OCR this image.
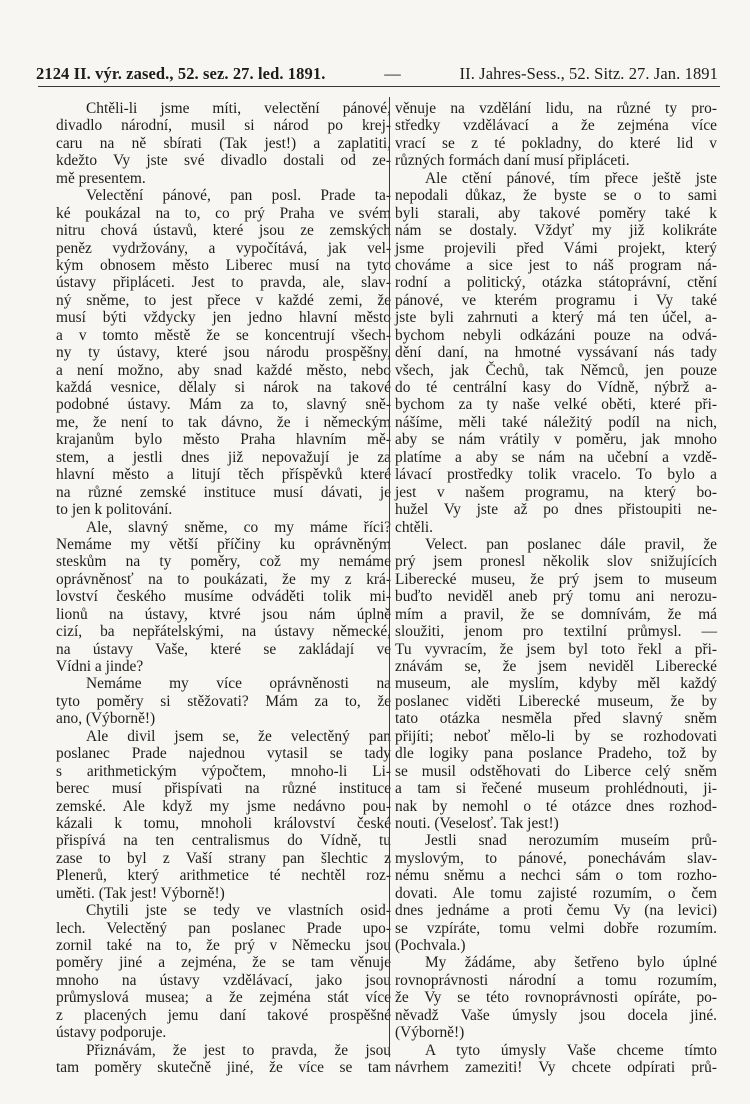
2124 II. výr. zased., 52. sez. 27. led. 1891.	—	II. Jahres-Sess., 52. Sitz. 27. Jan. 1891
Chtěli-li jsme míti, velectění pánové,
divadlo národní, musil si národ po krej-
caru na ně sbírati (Tak jest!) a zaplatiti,
kdežto Vy jste své divadlo dostali od ze-
mě presentem.
Velectění pánové, pan posl. Prade ta-
ké poukázal na to, co prý Praha ve svém
nitru chová ústavů, které jsou ze zemských
peněz vydržovány, a vypočítává, jak vel-
kým obnosem město Liberec musí na tyto
ústavy připláceti. Jest to pravda, ale, slav-
ný sněme, to jest přece v každé zemi, že
musí býti vždycky jen jedno hlavní město
a v tomto městě že se koncentrují všech-
ny ty ústavy, které jsou národu prospěšny,
a není možno, aby snad každé město, nebo
každá vesnice, dělaly si nárok na takové
podobné ústavy. Mám za to, slavný sně-
me, že není to tak dávno, že i německým
krajanům bylo město Praha hlavním mě-
stem, a jestli dnes již nepovažují je za
hlavní město a litují těch příspěvků které
na různé zemské instituce musí dávati, je
to jen k politování.
Ale, slavný sněme, co my máme říci?
Nemáme my větší příčiny ku oprávněným
steskům na ty poměry, což my nemáme
oprávněnosť na to poukázati, že my z krá-
lovství českého musíme odváděti tolik mi-
lionů na ústavy, ktvré jsou nám úplně
cizí, ba nepřátelskými, na ústavy německé,
na ústavy Vaše, které se zakládají ve
Vídni a jinde?
Nemáme my více oprávněnosti na
tyto poměry si stěžovati? Mám za to, že
ano, (Výborně!)
Ale divil jsem se, že velectěný pan
poslanec Prade najednou vytasil se tady
s arithmetickým výpočtem, mnoho-li Li-
berec musí přispívati na různé instituce
zemské. Ale když my jsme nedávno pou-
kázali k tomu, mnoholi království české
přispívá na ten centralismus do Vídně, tu
zase to byl z Vaší strany pan šlechtic z
Plenerů, který arithmetice té nechtěl roz-
uměti. (Tak jest! Výborně!)
Chytili jste se tedy ve vlastních osid-
lech. Velectěný pan poslanec Prade upo-
zornil také na to, že prý v Německu jsou
poměry jiné a zejména, že se tam věnuje
mnoho na ústavy vzdělávací, jako jsou
průmyslová musea; a že zejména stát více
z placených jemu daní takové prospěšné
ústavy podporuje.
Přiznávám, že jest to pravda, že jsou
tam poměry skutečně jiné, že více se tam
věnuje na vzdělání lidu, na různé ty pro-
středky vzdělávací a že zejména více
vrací se z té pokladny, do které lid v
různých formách daní musí připláceti.
Ale ctění pánové, tím přece ještě jste
nepodali důkaz, že byste se o to sami
byli starali, aby takové poměry také k
nám se dostaly. Vždyť my již kolikráte
jsme projevili před Vámi projekt, který
chováme a sice jest to náš program ná-
rodní a politický, otázka státoprávní, ctění
pánové, ve kterém programu i Vy také
jste byli zahrnuti a který má ten účel, a-
bychom nebyli odkázáni pouze na odvá-
dění daní, na hmotné vyssávaní nás tady
všech, jak Čechů, tak Němců, jen pouze
do té centrální kasy do Vídně, nýbrž a-
bychom za ty naše velké oběti, které při-
nášíme, měli také náležitý podíl na nich,
aby se nám vrátily v poměru, jak mnoho
platíme a aby se nám na učební a vzdě-
lávací prostředky tolik vracelo. To bylo a
jest v našem programu, na který bo-
hužel Vy jste až po dnes přistoupiti ne-
chtěli.
Velect. pan poslanec dále pravil, že
prý jsem pronesl několik slov snižujících
Liberecké museu, že prý jsem to museum
buďto neviděl aneb prý tomu ani nerozu-
mím a pravil, že se domnívám, že má
sloužiti, jenom pro textilní průmysl. —
Tu vyvracím, že jsem byl toto řekl a při-
znávám se, že jsem neviděl Liberecké
museum, ale myslím, kdyby měl každý
poslanec viděti Liberecké museum, že by
tato otázka nesměla před slavný sněm
přijíti; neboť mělo-li by se rozhodovati
dle logiky pana poslance Pradeho, tož by
se musil odstěhovati do Liberce celý sněm
a tam si řečené museum prohlédnouti, ji-
nak by nemohl o té otázce dnes rozhod-
nouti. (Veselosť. Tak jest!)
Jestli snad nerozumím museím prů-
myslovým, to pánové, ponechávám slav-
nému sněmu a nechci sám o tom rozho-
dovati. Ale tomu zajisté rozumím, o čem
dnes jednáme a proti čemu Vy (na levici)
se vzpíráte, tomu velmi dobře rozumím.
(Pochvala.)
My žádáme, aby šetřeno bylo úplné
rovnoprávnosti národní a tomu rozumím,
že Vy se této rovnoprávnosti opíráte, po-
něvadž Vaše úmysly jsou docela jiné.
(Výborně!)
A tyto úmysly Vaše chceme tímto
návrhem zameziti! Vy chcete odpírati prů-
